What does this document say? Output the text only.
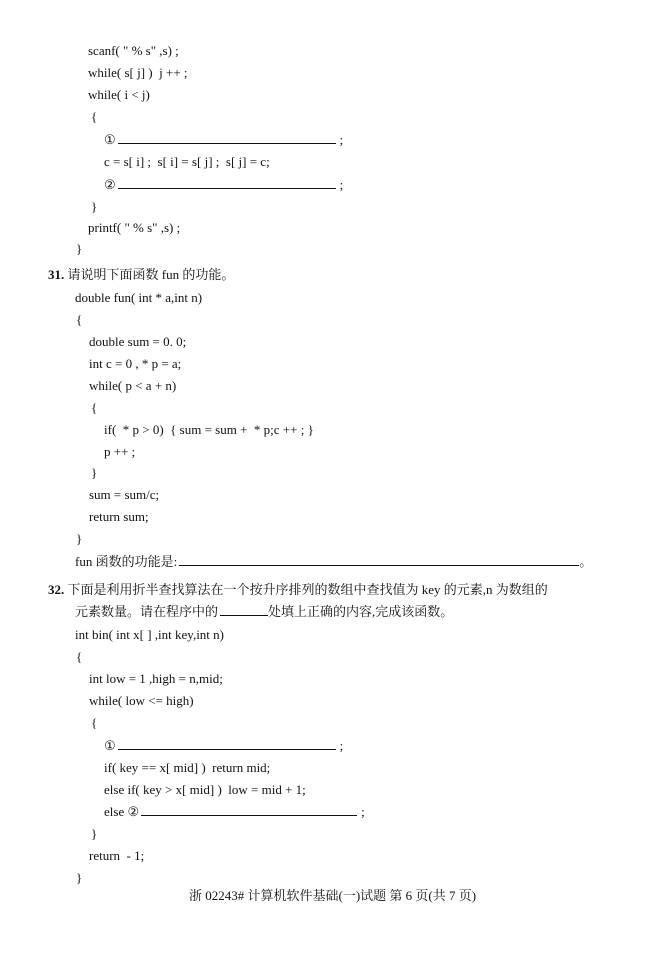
scanf( " % s" ,s) ;
while( s[ j] )  j ++ ;
while( i < j)
{
①	;
c = s[ i] ;  s[ i] = s[ j] ;  s[ j] = c;
②	;
}
printf( " % s" ,s) ;
}
31. 请说明下面函数 fun 的功能。
double fun( int * a,int n)
{
double sum = 0. 0;
int c = 0 , * p = a;
while( p < a + n)
{
if(  * p > 0)  { sum = sum +  * p;c ++ ; }
p ++ ;
}
sum = sum/c;
return sum;
}
fun 函数的功能是:	。
32. 下面是利用折半查找算法在一个按升序排列的数组中查找值为 key 的元素,n 为数组的
元素数量。请在程序中的	处填上正确的内容,完成该函数。
int bin( int x[ ] ,int key,int n)
{
int low = 1 ,high = n,mid;
while( low <= high)
{
①	;
if( key == x[ mid] )  return mid;
else if( key > x[ mid] )  low = mid + 1;
else ②	;
}
return  - 1;
}
浙 02243# 计算机软件基础(一)试题 第 6 页(共 7 页)
